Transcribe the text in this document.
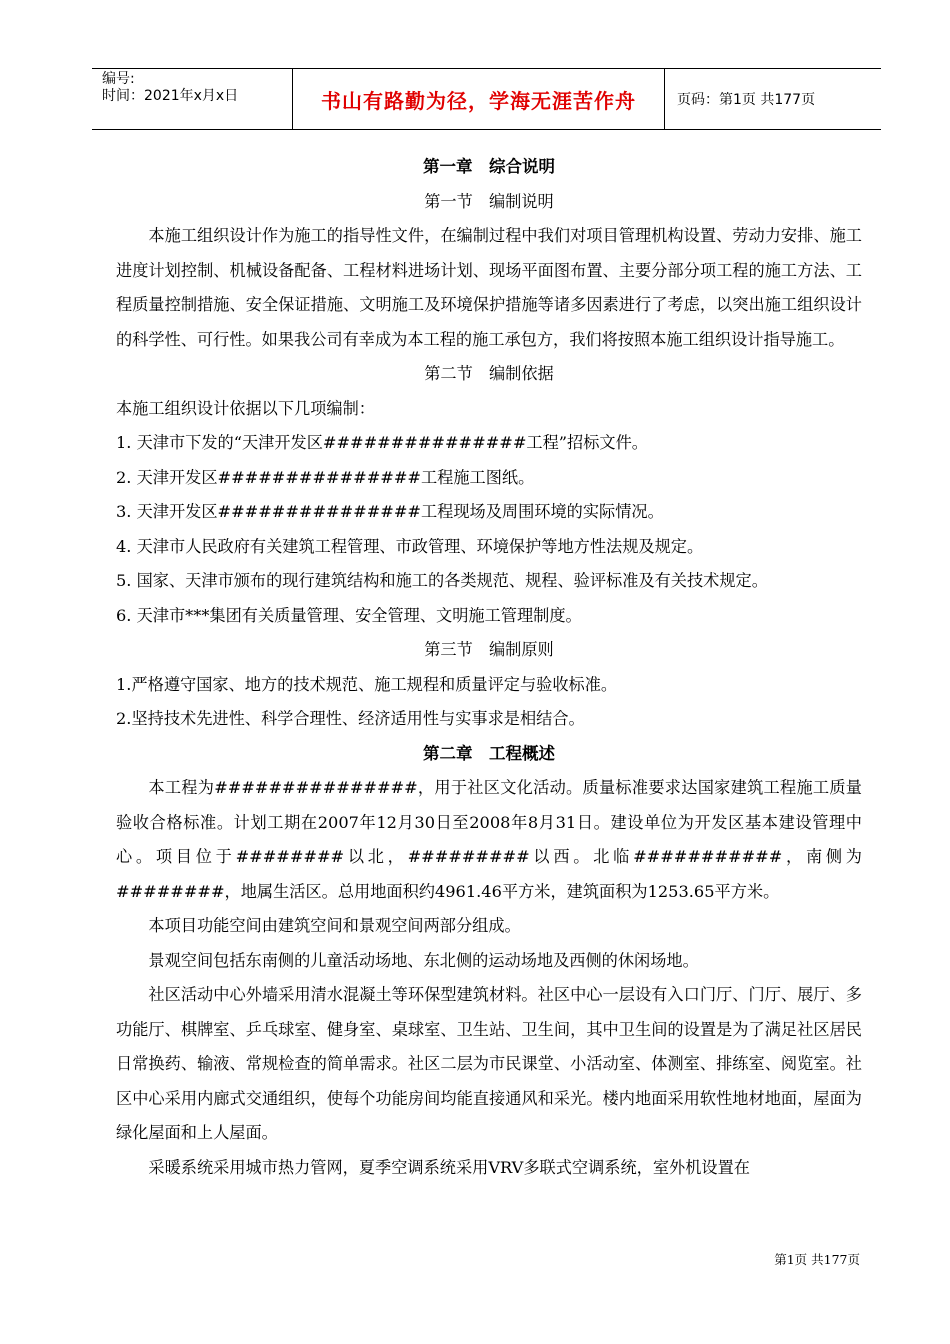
编号:
时间：2021年x月x日	书山有路勤为径，学海无涯苦作舟	页码：第1页 共177页
第一章　综合说明
第一节　编制说明

本施工组织设计作为施工的指导性文件，在编制过程中我们对项目管理机构设置、劳动力安排、施工进度计划控制、机械设备配备、工程材料进场计划、现场平面图布置、主要分部分项工程的施工方法、工程质量控制措施、安全保证措施、文明施工及环境保护措施等诸多因素进行了考虑，以突出施工组织设计的科学性、可行性。如果我公司有幸成为本工程的施工承包方，我们将按照本施工组织设计指导施工。

第二节　编制依据

本施工组织设计依据以下几项编制：

1. 天津市下发的“天津开发区###############工程”招标文件。

2. 天津开发区###############工程施工图纸。

3. 天津开发区###############工程现场及周围环境的实际情况。

4. 天津市人民政府有关建筑工程管理、市政管理、环境保护等地方性法规及规定。

5. 国家、天津市颁布的现行建筑结构和施工的各类规范、规程、验评标准及有关技术规定。

6. 天津市***集团有关质量管理、安全管理、文明施工管理制度。

第三节　编制原则

1.严格遵守国家、地方的技术规范、施工规程和质量评定与验收标准。

2.坚持技术先进性、科学合理性、经济适用性与实事求是相结合。

第二章　工程概述

本工程为###############，用于社区文化活动。质量标准要求达国家建筑工程施工质量验收合格标准。计划工期在2007年12月30日至2008年8月31日。建设单位为开发区基本建设管理中心。项目位于########以北，#########以西。北临###########，南侧为########，地属生活区。总用地面积约4961.46平方米，建筑面积为1253.65平方米。

本项目功能空间由建筑空间和景观空间两部分组成。

景观空间包括东南侧的儿童活动场地、东北侧的运动场地及西侧的休闲场地。

社区活动中心外墙采用清水混凝土等环保型建筑材料。社区中心一层设有入口门厅、门厅、展厅、多功能厅、棋牌室、乒乓球室、健身室、桌球室、卫生站、卫生间，其中卫生间的设置是为了满足社区居民日常换药、输液、常规检查的简单需求。社区二层为市民课堂、小活动室、体测室、排练室、阅览室。社区中心采用内廊式交通组织，使每个功能房间均能直接通风和采光。楼内地面采用软性地材地面，屋面为绿化屋面和上人屋面。

采暖系统采用城市热力管网，夏季空调系统采用VRV多联式空调系统，室外机设置在

第1页 共177页
